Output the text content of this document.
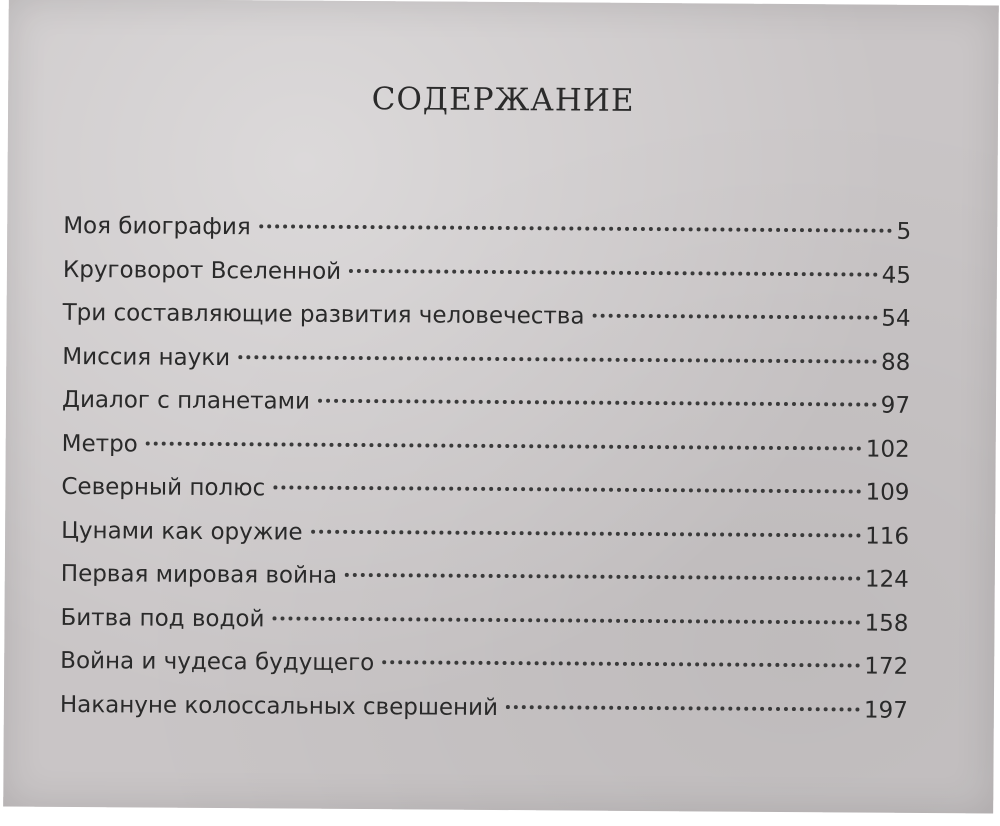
СОДЕРЖАНИЕ
Моя биография	5
Круговорот Вселенной	45
Три составляющие развития человечества	54
Миссия науки	88
Диалог с планетами	97
Метро	102
Северный полюс	109
Цунами как оружие	116
Первая мировая война	124
Битва под водой	158
Война и чудеса будущего	172
Накануне колоссальных свершений	197
